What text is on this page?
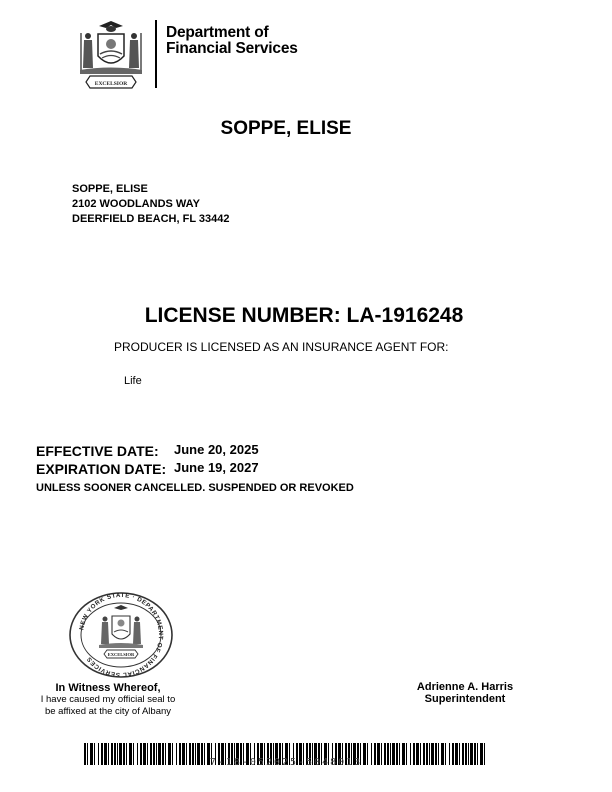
EXCELSIOR
Department of
Financial Services
SOPPE, ELISE
SOPPE, ELISE
2102 WOODLANDS WAY
DEERFIELD BEACH, FL 33442
LICENSE NUMBER: LA-1916248
PRODUCER IS LICENSED AS AN INSURANCE AGENT FOR:
Life
EFFECTIVE DATE: June 20, 2025
EXPIRATION DATE: June 19, 2027
UNLESS SOONER CANCELLED. SUSPENDED OR REVOKED
NEW YORK STATE · DEPARTMENT OF FINANCIAL SERVICES
EXCELSIOR
In Witness Whereof,
I have caused my official seal to
be affixed at the city of Albany
Adrienne A. Harris
Superintendent
7-18-052025-5048013
